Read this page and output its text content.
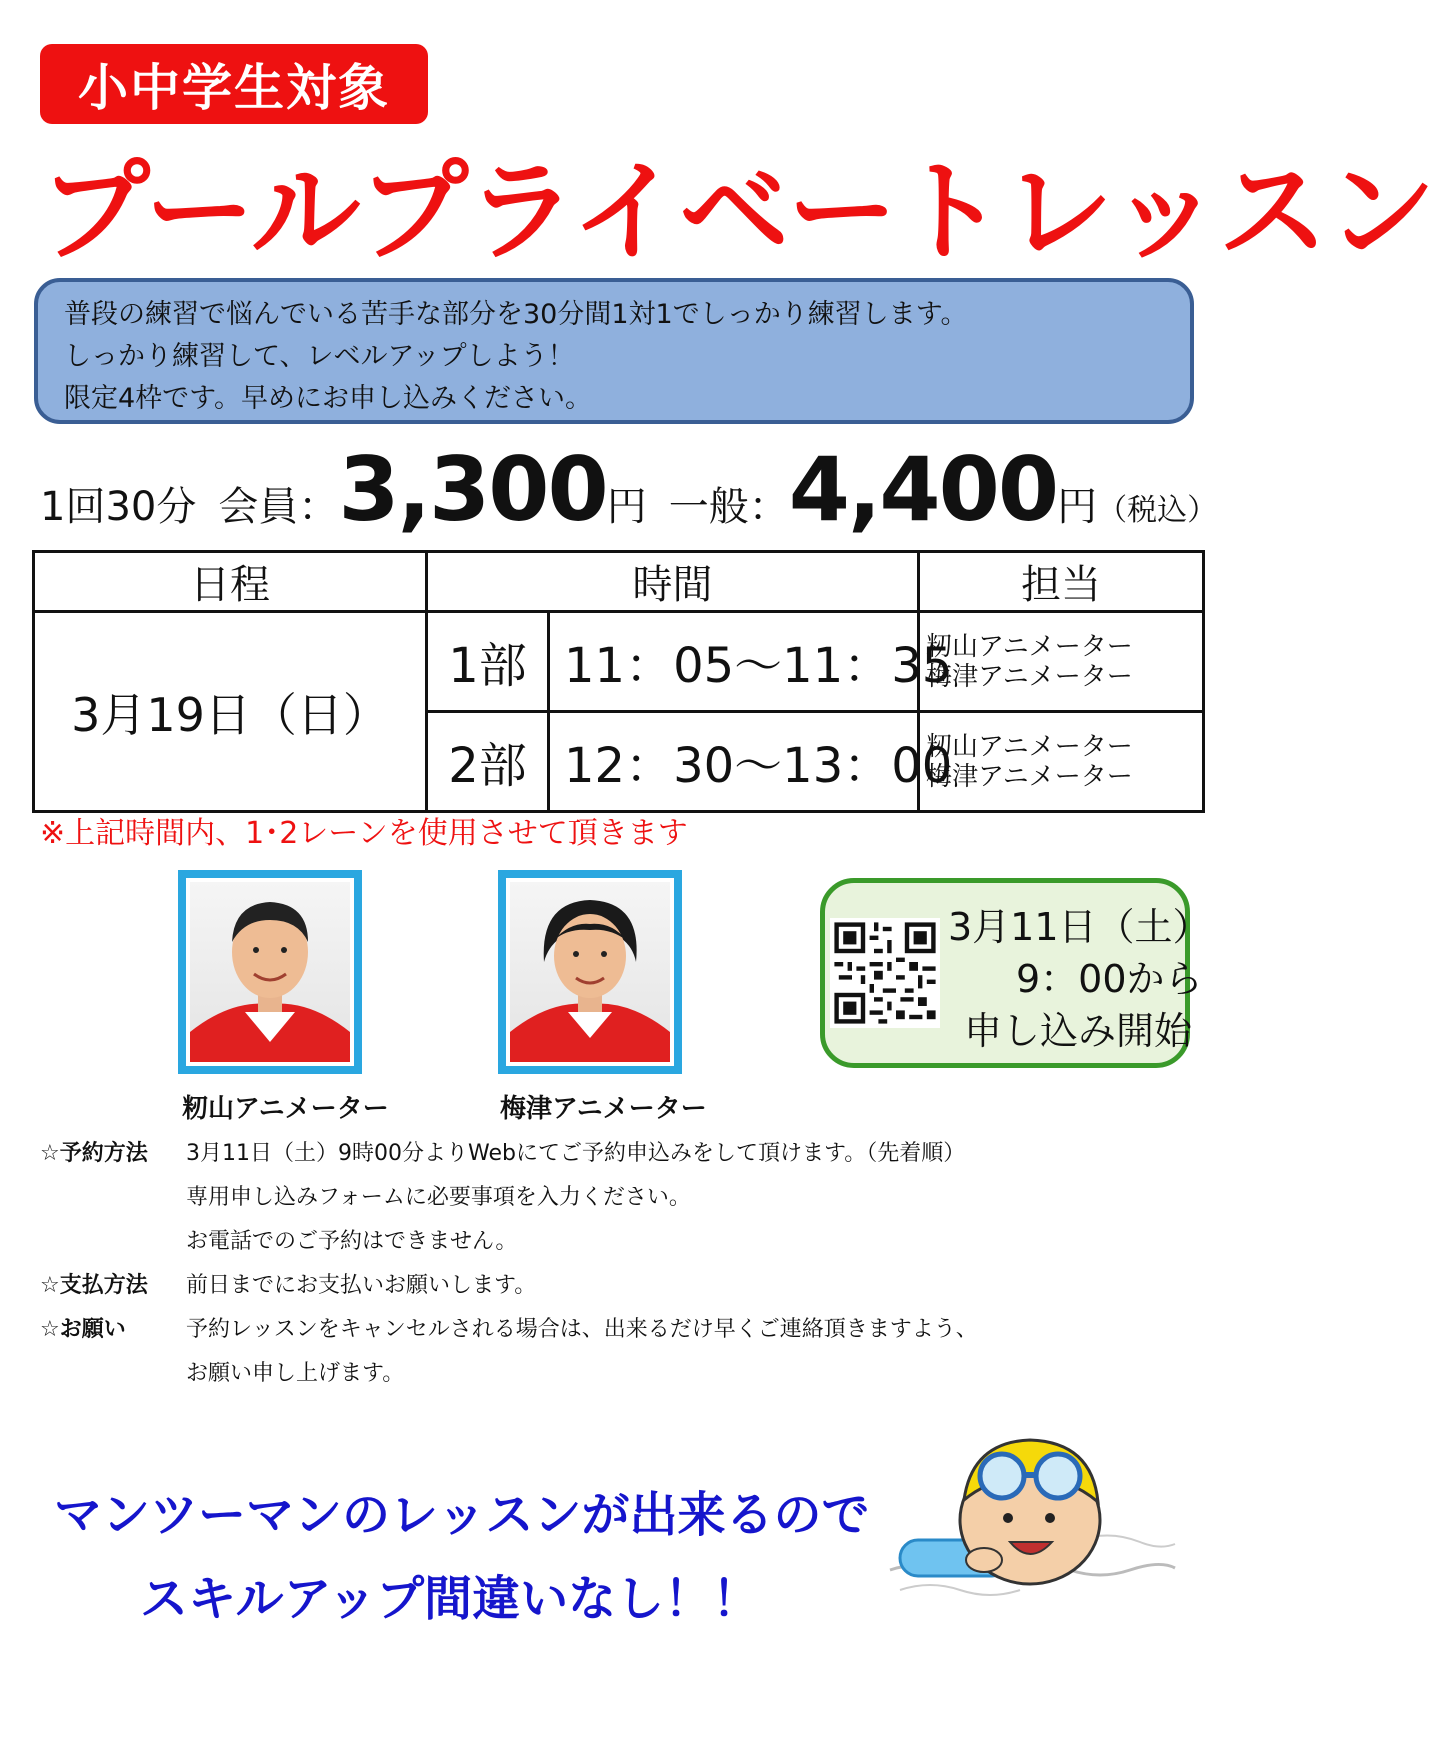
小中学生対象
プールプライベートレッスン
普段の練習で悩んでいる苦手な部分を30分間1対1でしっかり練習します。
しっかり練習して、レベルアップしよう！
限定4枠です。早めにお申し込みください。
1回30分 会員： 3,300 円 一般： 4,400 円 （税込）
日程	時間		担当
3月19日（日）	1部	11：05～11：35	籾山アニメーター
梅津アニメーター

	2部	12：30～13：00	籾山アニメーター
梅津アニメーター
※上記時間内、1･2レーンを使用させて頂きます
籾山アニメーター	梅津アニメーター
3月11日（土）
9：00から
申し込み開始
☆予約方法 3月11日（土）9時00分よりWebにてご予約申込みをして頂けます。（先着順）
専用申し込みフォームに必要事項を入力ください。
お電話でのご予約はできません。
☆支払方法 前日までにお支払いお願いします。
☆お願い	予約レッスンをキャンセルされる場合は、出来るだけ早くご連絡頂きますよう、
お願い申し上げます。
マンツーマンのレッスンが出来るので
スキルアップ間違いなし！！
